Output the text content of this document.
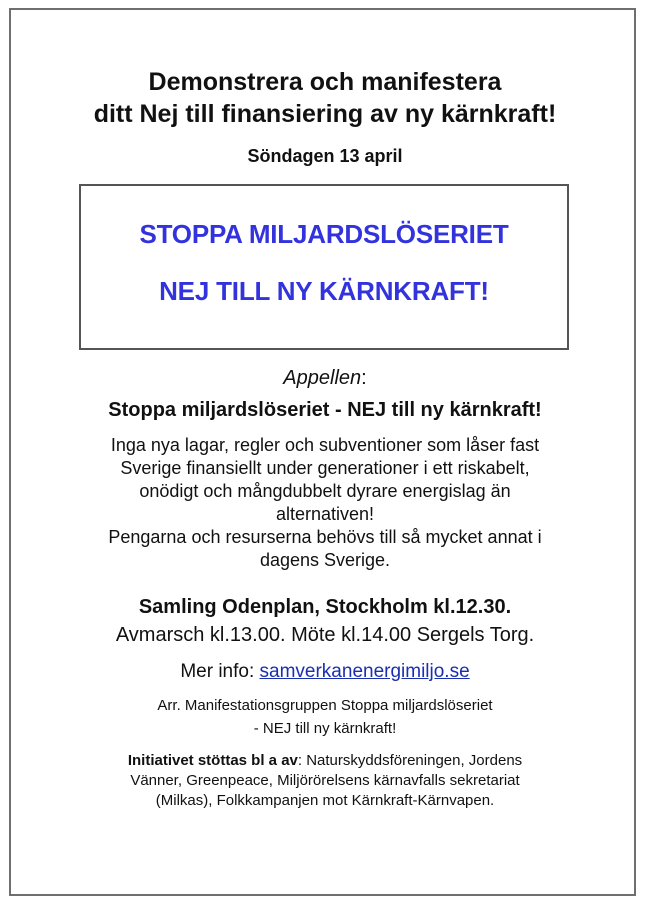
Demonstrera och manifestera
ditt Nej till finansiering av ny kärnkraft!
Söndagen 13 april
STOPPA MILJARDSLÖSERIET
NEJ TILL NY KÄRNKRAFT!
Appellen:
Stoppa miljardslöseriet - NEJ till ny kärnkraft!
Inga nya lagar, regler och subventioner som låser fast
Sverige finansiellt under generationer i ett riskabelt,
onödigt och mångdubbelt dyrare energislag än
alternativen!
Pengarna och resurserna behövs till så mycket annat i
dagens Sverige.
Samling Odenplan, Stockholm kl.12.30.
Avmarsch kl.13.00. Möte kl.14.00 Sergels Torg.
Mer info: samverkanenergimiljo.se
Arr. Manifestationsgruppen Stoppa miljardslöseriet
- NEJ till ny kärnkraft!
Initiativet stöttas bl a av: Naturskyddsföreningen, Jordens
Vänner, Greenpeace, Miljörörelsens kärnavfalls sekretariat
(Milkas), Folkkampanjen mot Kärnkraft-Kärnvapen.
